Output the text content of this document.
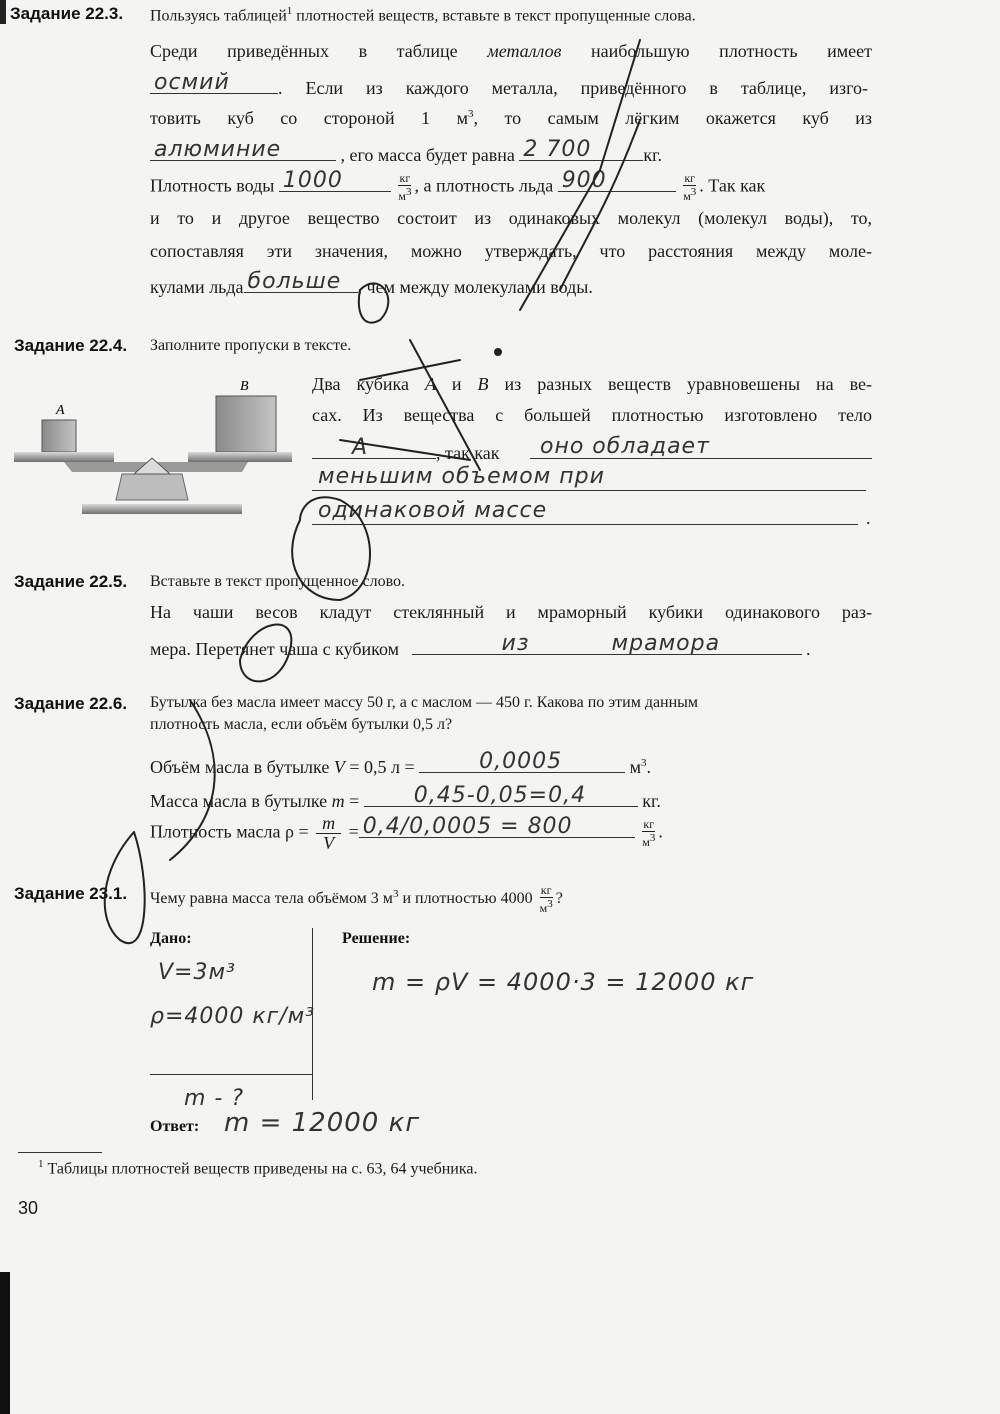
Задание 22.3. Пользуясь таблицей$^1$ плотностей веществ, вставьте в текст пропущенные слова.
Среди приведённых в таблице металлов наибольшую плотность имеет
осмий	. Если из каждого металла, приведённого в таблице, изго-
товить куб со стороной 1 $м^3$, то самым лёгким окажется куб из
алюминие	, его масса будет равна 2 700	кг.
Плотность воды 1000
	$\frac{кг}{м^3}$ , а плотность льда 900
	$\frac{кг}{м^3}$ . Так как
и то и другое вещество состоит из одинаковых молекул (молекул воды), то,
сопоставляя эти значения, можно утверждать, что расстояния между моле-
кулами льда больше , чем между молекулами воды.
Задание 22.4. Заполните пропуски в тексте.
A
B	Два кубика A и B из разных веществ уравновешены на ве-
сах. Из вещества с большей плотностью изготовлено тело
A	, так как оно обладает
меньшим объемом при
одинаковой массе	.
Задание 22.5. Вставьте в текст пропущенное слово.
На чаши весов кладут стеклянный и мраморный кубики одинакового раз-
мера. Перетянет чаша с кубиком	из	мрамора	.
Задание 22.6. Бутылка без масла имеет массу 50 г, а с маслом — 450 г. Какова по этим данным
плотность масла, если объём бутылки 0,5 л?
Объём масла в бутылке V = 0,5 л =	0,0005	$м^3$.
Масса масла в бутылке m = 0,45-0,05=0,4	кг.
Плотность масла $\rho = \frac{m}{V} = 0,4/0,0005 = 800$
	$\frac{кг}{м^3}$ .
Задание 23.1. Чему равна масса тела объёмом 3 $м^3$ и плотностью $4000 \frac{кг}{м^3}$ ?
Дано:	Решение:
V=3м³
ρ=4000 кг/м³
m - ?
m = ρV = 4000·3 = 12000 кг
Ответ: m = 12000 кг
$^1$ Таблицы плотностей веществ приведены на с. 63, 64 учебника.
30
